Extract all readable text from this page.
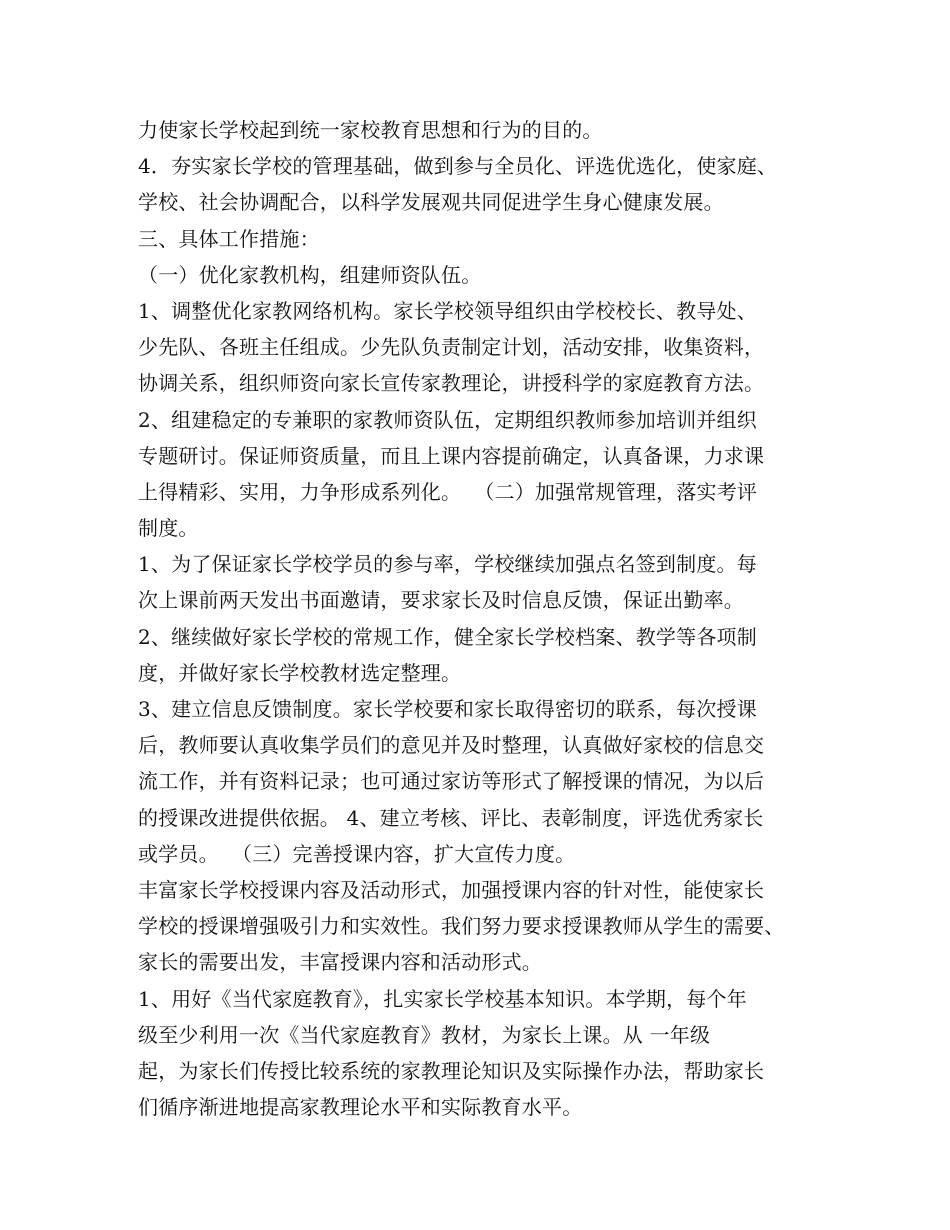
力使家长学校起到统一家校教育思想和行为的目的。
4．夯实家长学校的管理基础，做到参与全员化、评选优选化，使家庭、
学校、社会协调配合，以科学发展观共同促进学生身心健康发展。
三、具体工作措施：
（一）优化家教机构，组建师资队伍。
1、调整优化家教网络机构。家长学校领导组织由学校校长、教导处、
少先队、各班主任组成。少先队负责制定计划，活动安排，收集资料，
协调关系，组织师资向家长宣传家教理论，讲授科学的家庭教育方法。
2、组建稳定的专兼职的家教师资队伍，定期组织教师参加培训并组织
专题研讨。保证师资质量，而且上课内容提前确定，认真备课，力求课
上得精彩、实用，力争形成系列化。  （二）加强常规管理，落实考评
制度。
1、为了保证家长学校学员的参与率，学校继续加强点名签到制度。每
次上课前两天发出书面邀请，要求家长及时信息反馈，保证出勤率。
2、继续做好家长学校的常规工作，健全家长学校档案、教学等各项制
度，并做好家长学校教材选定整理。
3、建立信息反馈制度。家长学校要和家长取得密切的联系，每次授课
后，教师要认真收集学员们的意见并及时整理，认真做好家校的信息交
流工作，并有资料记录；也可通过家访等形式了解授课的情况，为以后
的授课改进提供依据。 4、建立考核、评比、表彰制度，评选优秀家长
或学员。  （三）完善授课内容，扩大宣传力度。
丰富家长学校授课内容及活动形式，加强授课内容的针对性，能使家长
学校的授课增强吸引力和实效性。我们努力要求授课教师从学生的需要、
家长的需要出发，丰富授课内容和活动形式。
1、用好《当代家庭教育》，扎实家长学校基本知识。本学期，每个年
级至少利用一次《当代家庭教育》教材，为家长上课。从 一年级
起，为家长们传授比较系统的家教理论知识及实际操作办法，帮助家长
们循序渐进地提高家教理论水平和实际教育水平。
